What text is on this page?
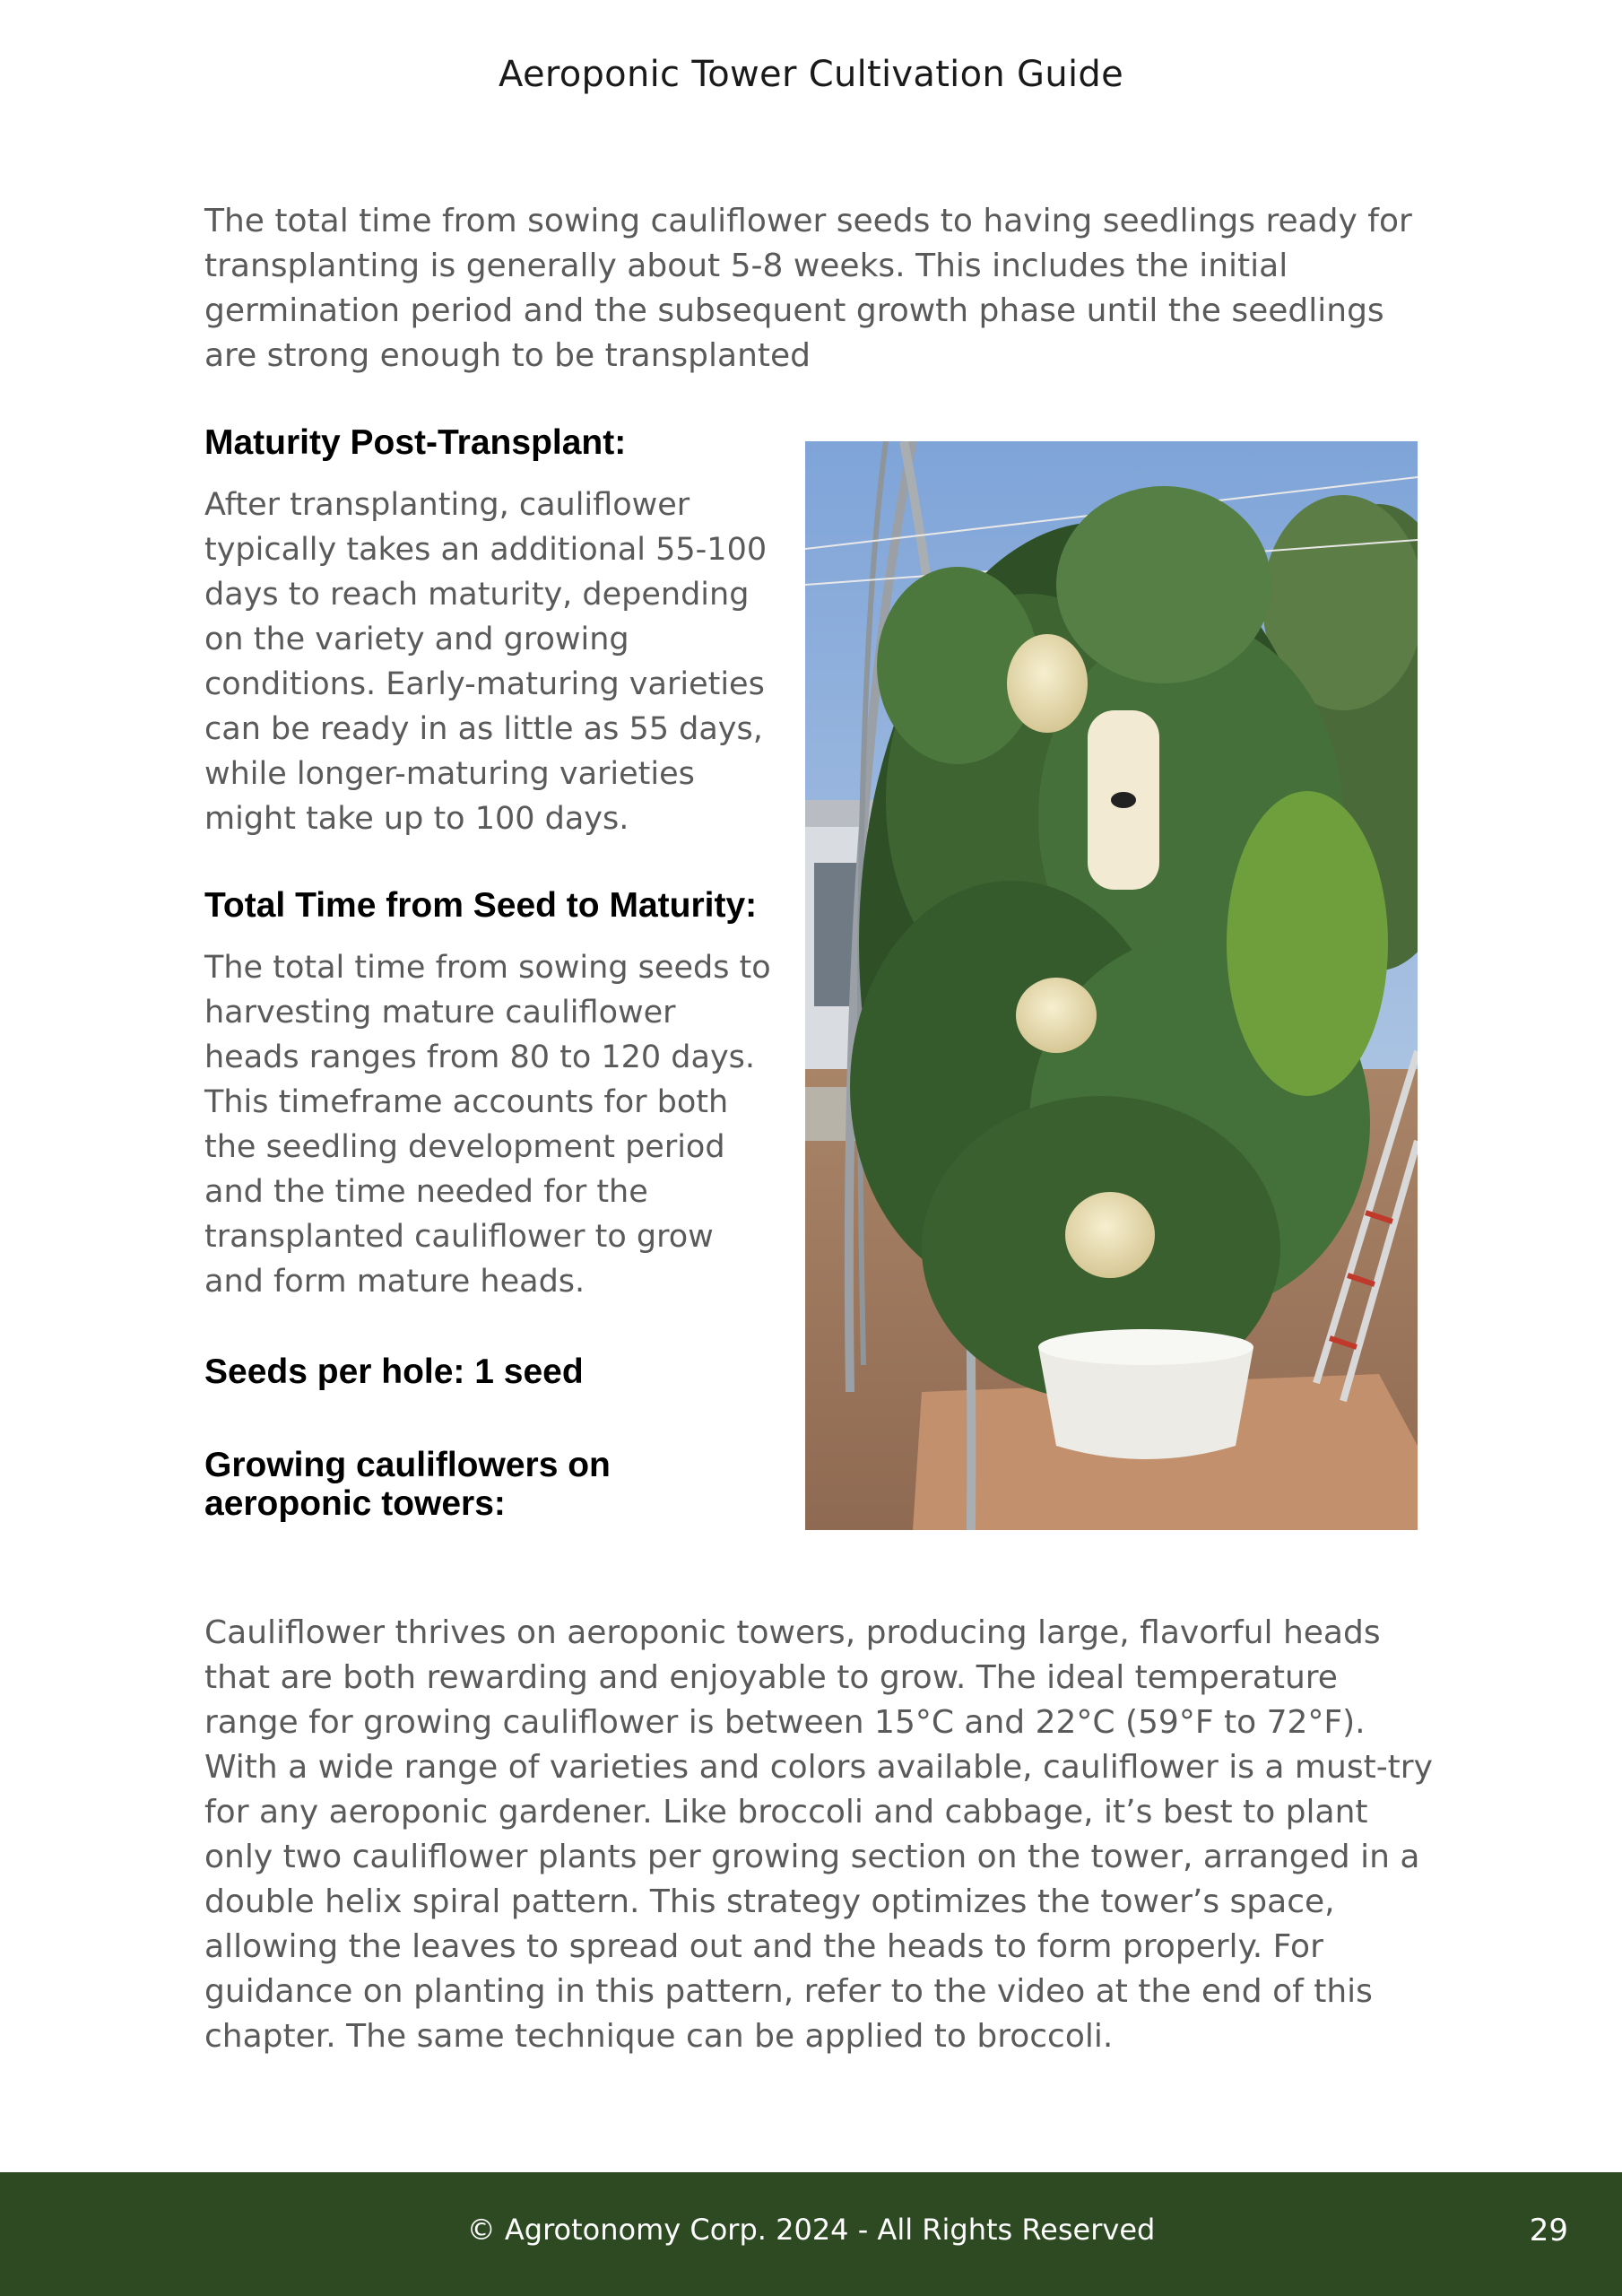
Aeroponic Tower Cultivation Guide

The total time from sowing cauliflower seeds to having seedlings ready for transplanting is generally about 5-8 weeks. This includes the initial germination period and the subsequent growth phase until the seedlings are strong enough to be transplanted

Maturity Post-Transplant:

After transplanting, cauliflower typically takes an additional 55-100 days to reach maturity, depending on the variety and growing conditions. Early-maturing varieties can be ready in as little as 55 days, while longer-maturing varieties might take up to 100 days.

Total Time from Seed to Maturity:

The total time from sowing seeds to harvesting mature cauliflower heads ranges from 80 to 120 days. This timeframe accounts for both the seedling development period and the time needed for the transplanted cauliflower to grow and form mature heads.

Seeds per hole: 1 seed
Growing cauliflowers on aeroponic towers:

Cauliflower thrives on aeroponic towers, producing large, flavorful heads that are both rewarding and enjoyable to grow. The ideal temperature range for growing cauliflower is between 15°C and 22°C (59°F to 72°F). With a wide range of varieties and colors available, cauliflower is a must-try for any aeroponic gardener. Like broccoli and cabbage, it’s best to plant only two cauliflower plants per growing section on the tower, arranged in a double helix spiral pattern. This strategy optimizes the tower’s space, allowing the leaves to spread out and the heads to form properly. For guidance on planting in this pattern, refer to the video at the end of this chapter. The same technique can be applied to broccoli.

© Agrotonomy Corp. 2024 - All Rights Reserved	29
